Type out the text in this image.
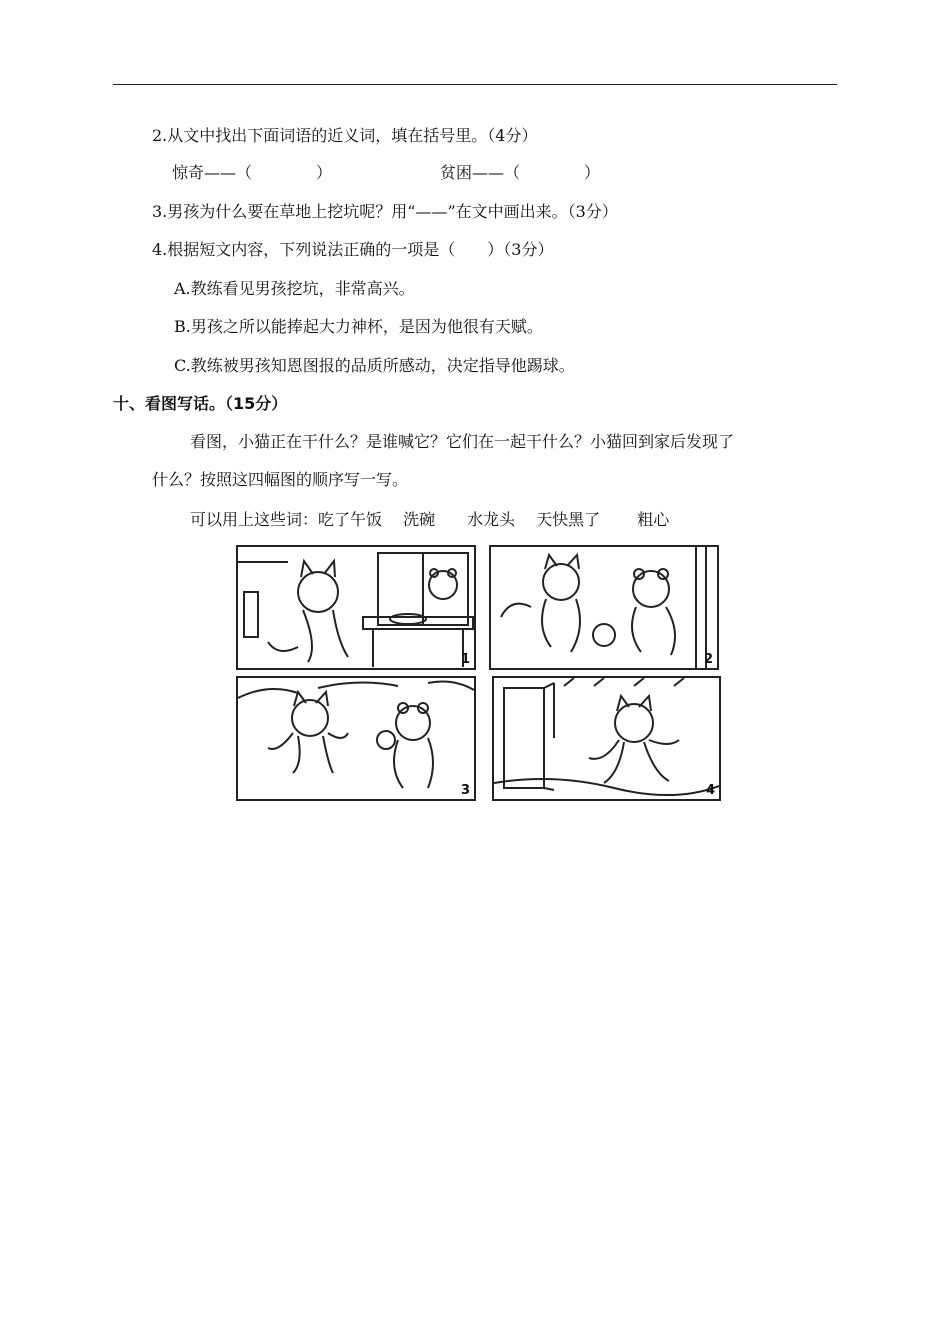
2.从文中找出下面词语的近义词，填在括号里。（4分）
惊奇——（　　　　）	贫困——（　　　　）
3.男孩为什么要在草地上挖坑呢？用“——”在文中画出来。（3分）
4.根据短文内容，下列说法正确的一项是（　　）（3分）
A.教练看见男孩挖坑，非常高兴。
B.男孩之所以能捧起大力神杯，是因为他很有天赋。
C.教练被男孩知恩图报的品质所感动，决定指导他踢球。
十、看图写话。（15分）
看图，小猫正在干什么？是谁喊它？它们在一起干什么？小猫回到家后发现了
什么？按照这四幅图的顺序写一写。
可以用上这些词：吃了午饭　 洗碗　　水龙头　 天快黑了　　 粗心
1	2
3	4
